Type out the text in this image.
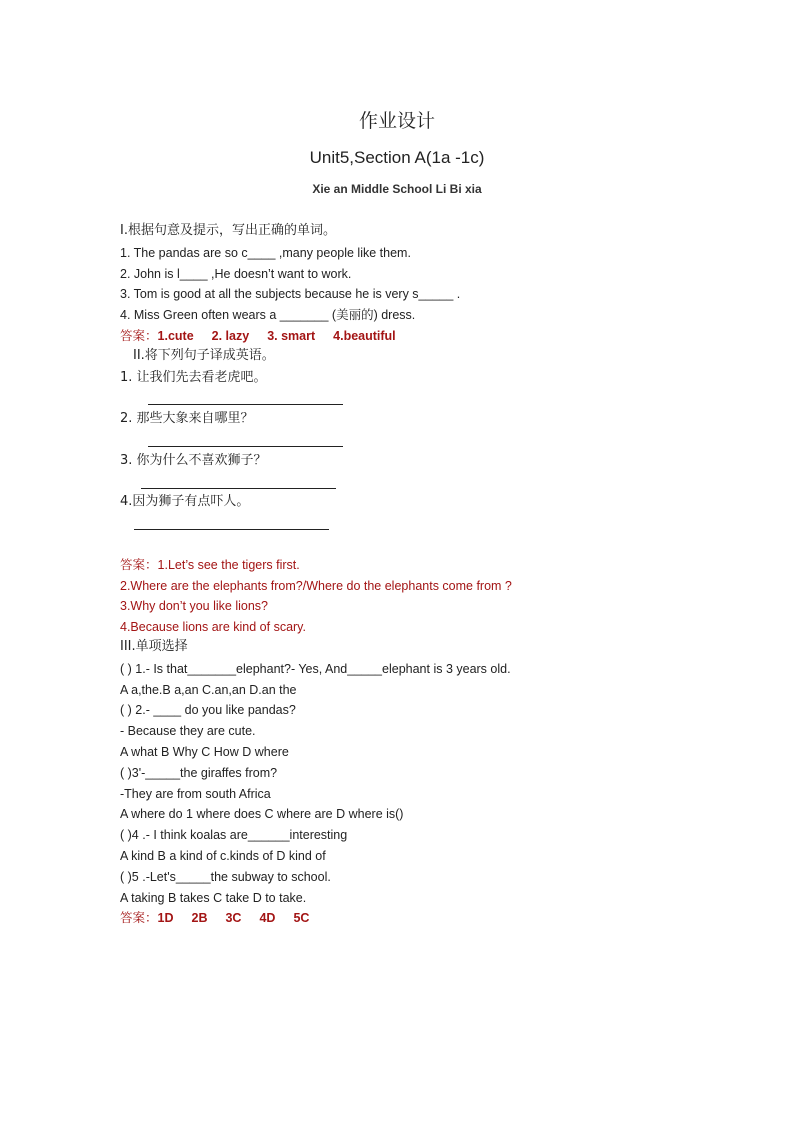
作业设计
Unit5,Section A(1a -1c)
Xie an Middle School Li Bi xia
Ⅰ.根据句意及提示，写出正确的单词。
1. The pandas are so c____ ,many people like them.
2. John is l____ ,He doesn’t want to work.
3. Tom is good at all the subjects because he is very s_____ .
4. Miss Green often wears a _______ (美丽的) dress.
答案：1.cute 2. lazy 3. smart 4.beautiful
II.将下列句子译成英语。
1. 让我们先去看老虎吧。
2. 那些大象来自哪里？
3. 你为什么不喜欢狮子？
4.因为狮子有点吓人。
答案：1.Let’s see the tigers first.
2.Where are the elephants from?/Where do the elephants come from ?
3.Why don’t you like lions?
4.Because lions are kind of scary.
III.单项选择
( ) 1.- Is that_______elephant?- Yes, And_____elephant is 3 years old.
A a,the.B a,an C.an,an D.an the
( ) 2.- ____ do you like pandas?
- Because they are cute.
A what B Why C How D where
( )3'-_____the giraffes from?
-They are from south Africa
A where do 1 where does C where are D where is()
( )4 .- I think koalas are______interesting
A kind B a kind of c.kinds of D kind of
( )5 .-Let's_____the subway to school.
A taking B takes C take D to take.
答案：1D 2B 3C 4D 5C
